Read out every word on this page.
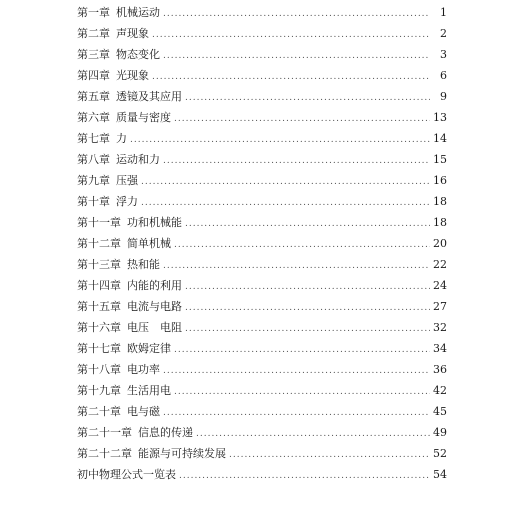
第一章 机械运动 .....	1
第二章 声现象 .....	2
第三章 物态变化 .....	3
第四章 光现象 .....	6
第五章 透镜及其应用 .....	9
第六章 质量与密度 .....	13
第七章 力 .....	14
第八章 运动和力 .....	15
第九章 压强 .....	16
第十章 浮力 .....	18
第十一章 功和机械能 .....	18
第十二章 简单机械 .....	20
第十三章 热和能 .....	22
第十四章 内能的利用 .....	24
第十五章 电流与电路 .....	27
第十六章 电压　电阻 .....	32
第十七章 欧姆定律 .....	34
第十八章 电功率 .....	36
第十九章 生活用电 .....	42
第二十章 电与磁 .....	45
第二十一章 信息的传递 .....	49
第二十二章 能源与可持续发展 .....	52
初中物理公式一览表 .....	54
